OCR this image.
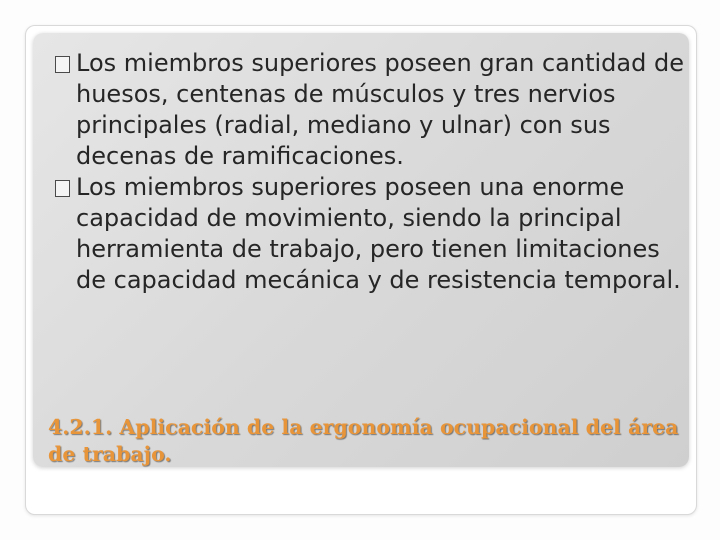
Los miembros superiores poseen gran cantidad de huesos, centenas de músculos y tres nervios principales (radial, mediano y ulnar) con sus decenas de ramificaciones.
Los miembros superiores poseen una enorme capacidad de movimiento, siendo la principal herramienta de trabajo, pero tienen limitaciones de capacidad mecánica y de resistencia temporal.

4.2.1. Aplicación de la ergonomía ocupacional del área de trabajo.
